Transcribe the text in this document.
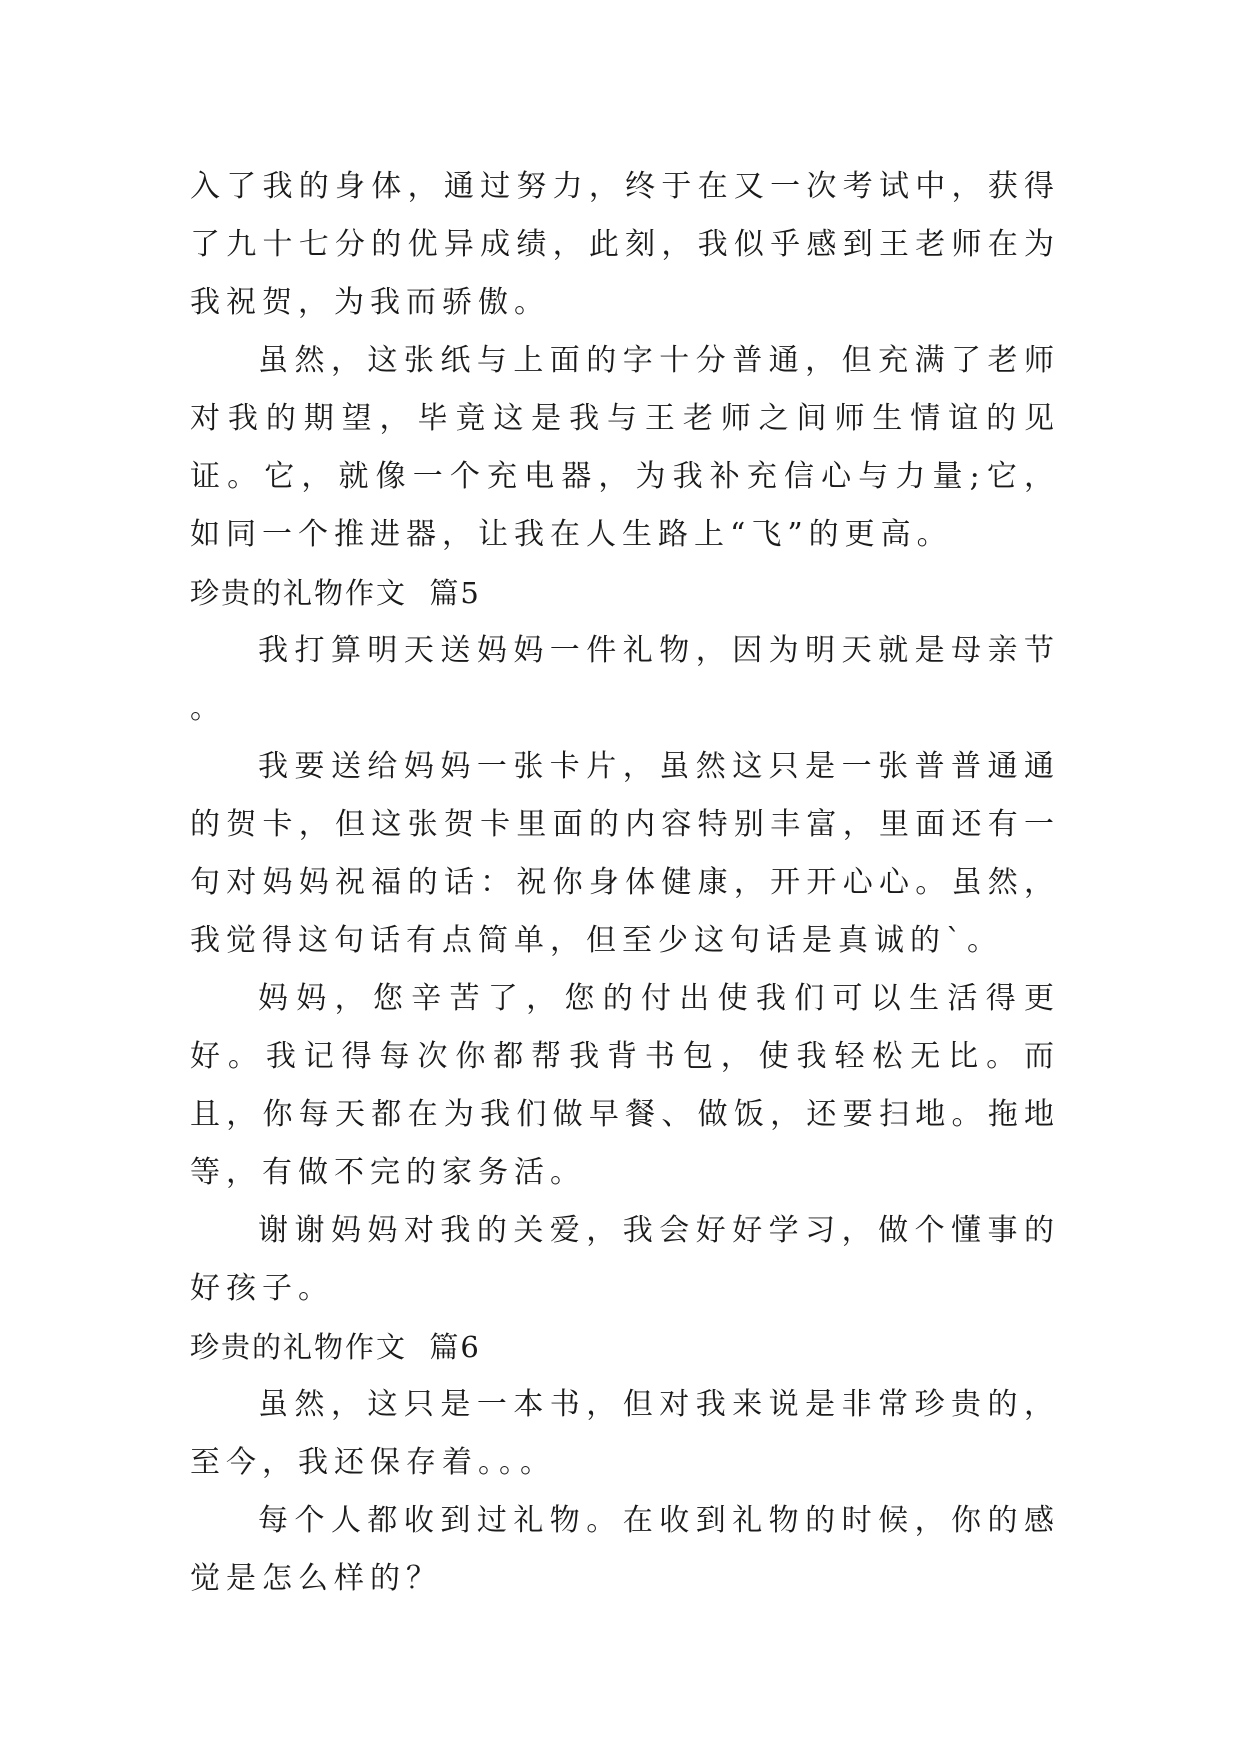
入了我的身体，通过努力，终于在又一次考试中，获得了九十七分的优异成绩，此刻，我似乎感到王老师在为我祝贺，为我而骄傲。

虽然，这张纸与上面的字十分普通，但充满了老师对我的期望，毕竟这是我与王老师之间师生情谊的见证。它，就像一个充电器，为我补充信心与力量;它，如同一个推进器，让我在人生路上“飞”的更高。

珍贵的礼物作文  篇5

我打算明天送妈妈一件礼物，因为明天就是母亲节 。

我要送给妈妈一张卡片，虽然这只是一张普普通通的贺卡，但这张贺卡里面的内容特别丰富，里面还有一句对妈妈祝福的话：祝你身体健康，开开心心。虽然，我觉得这句话有点简单，但至少这句话是真诚的`。

妈妈，您辛苦了，您的付出使我们可以生活得更好。我记得每次你都帮我背书包，使我轻松无比。而且，你每天都在为我们做早餐、做饭，还要扫地。拖地等，有做不完的家务活。

谢谢妈妈对我的关爱，我会好好学习，做个懂事的好孩子。

珍贵的礼物作文  篇6

虽然，这只是一本书，但对我来说是非常珍贵的，至今，我还保存着。。。

每个人都收到过礼物。在收到礼物的时候，你的感觉是怎么样的？
